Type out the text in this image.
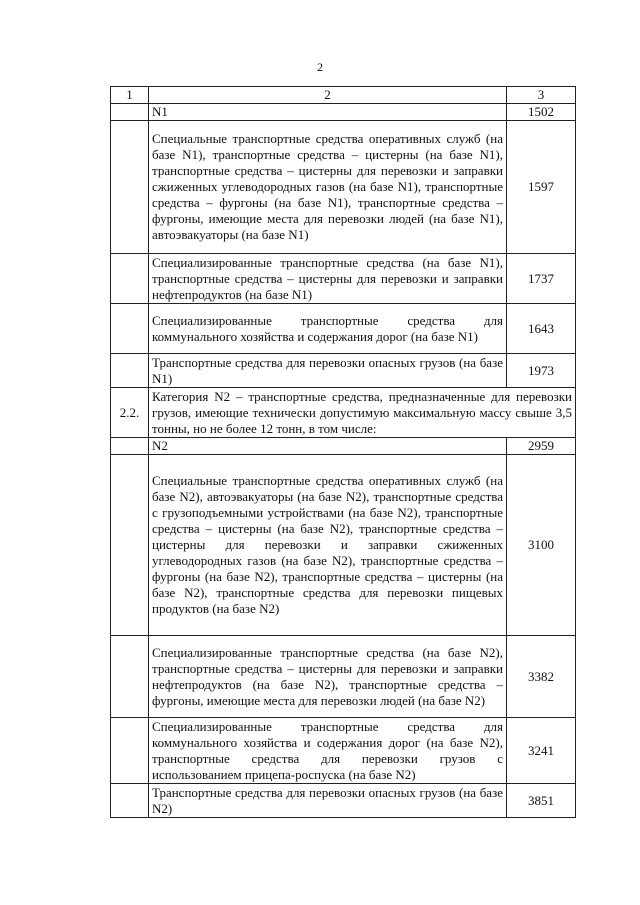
2
1	2	3
	N1	1502
	Специальные транспортные средства оперативных служб (на базе N1), транспортные средства – цистерны (на базе N1), транспортные средства – цистерны для перевозки и заправки сжиженных углеводородных газов (на базе N1), транспортные средства – фургоны (на базе N1), транспортные средства – фургоны, имеющие места для перевозки людей (на базе N1), автоэвакуаторы (на базе N1)	1597
	Специализированные транспортные средства (на базе N1), транспортные средства – цистерны для перевозки и заправки нефтепродуктов (на базе N1)	1737
	Специализированные транспортные средства для коммунального хозяйства и содержания дорог (на базе N1)	1643
	Транспортные средства для перевозки опасных грузов (на базе N1)	1973
2.2.	Категория N2 – транспортные средства, предназначенные для перевозки грузов, имеющие технически допустимую максимальную массу свыше 3,5 тонны, но не более 12 тонн, в том числе:	
	N2	2959
	Специальные транспортные средства оперативных служб (на базе N2), автоэвакуаторы (на базе N2), транспортные средства с грузоподъемными устройствами (на базе N2), транспортные средства – цистерны (на базе N2), транспортные средства – цистерны для перевозки и заправки сжиженных углеводородных газов (на базе N2), транспортные средства – фургоны (на базе N2), транспортные средства – цистерны (на базе N2), транспортные средства для перевозки пищевых продуктов (на базе N2)	3100
	Специализированные транспортные средства (на базе N2), транспортные средства – цистерны для перевозки и заправки нефтепродуктов (на базе N2), транспортные средства – фургоны, имеющие места для перевозки людей (на базе N2)	3382
	Специализированные транспортные средства для коммунального хозяйства и содержания дорог (на базе N2), транспортные средства для перевозки грузов с использованием прицепа-роспуска (на базе N2)	3241
	Транспортные средства для перевозки опасных грузов (на базе N2)	3851
